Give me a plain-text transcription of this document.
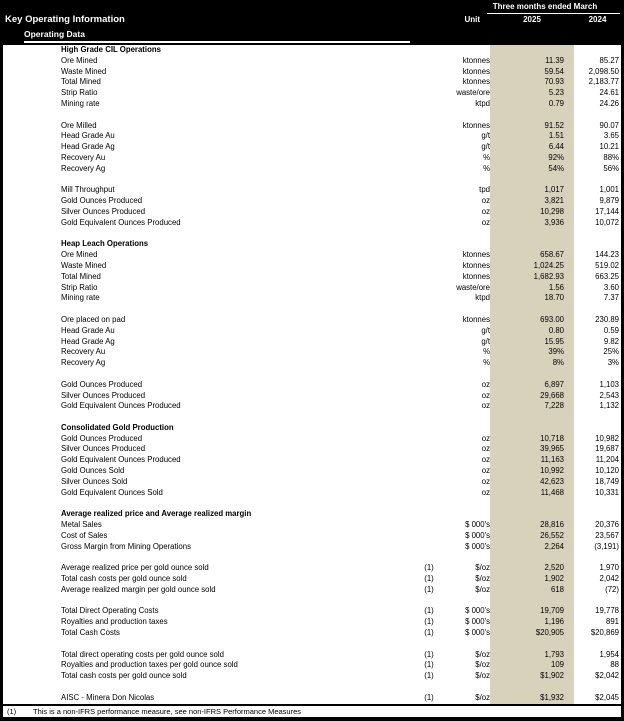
Three months ended March
Key Operating Information	Unit	2025	2024
Operating Data
High Grade CIL Operations
Ore Mined	ktonnes	11.39	85.27
Waste Mined	ktonnes	59.54	2,098.50
Total Mined	ktonnes	70.93	2,183.77
Strip Ratio	waste/ore	5.23	24.61
Mining rate	ktpd	0.79	24.26
Ore Milled	ktonnes	91.52	90.07
Head Grade Au	g/t	1.51	3.65
Head Grade Ag	g/t	6.44	10.21
Recovery Au	%	92%	88%
Recovery Ag	%	54%	56%
Mill Throughput	tpd	1,017	1,001
Gold Ounces Produced	oz	3,821	9,879
Silver Ounces Produced	oz	10,298	17,144
Gold Equivalent Ounces Produced	oz	3,936	10,072
Heap Leach Operations
Ore Mined	ktonnes	658.67	144.23
Waste Mined	ktonnes	1,024.25	519.02
Total Mined	ktonnes	1,682.93	663.25
Strip Ratio	waste/ore	1.56	3.60
Mining rate	ktpd	18.70	7.37
Ore placed on pad	ktonnes	693.00	230.89
Head Grade Au	g/t	0.80	0.59
Head Grade Ag	g/t	15.95	9.82
Recovery Au	%	39%	25%
Recovery Ag	%	8%	3%
Gold Ounces Produced	oz	6,897	1,103
Silver Ounces Produced	oz	29,668	2,543
Gold Equivalent Ounces Produced	oz	7,228	1,132
Consolidated Gold Production
Gold Ounces Produced	oz	10,718	10,982
Silver Ounces Produced	oz	39,965	19,687
Gold Equivalent Ounces Produced	oz	11,163	11,204
Gold Ounces Sold	oz	10,992	10,120
Silver Ounces Sold	oz	42,623	18,749
Gold Equivalent Ounces Sold	oz	11,468	10,331
Average realized price and Average realized margin
Metal Sales	$ 000's	28,816	20,376
Cost of Sales	$ 000's	26,552	23,567
Gross Margin from Mining Operations	$ 000's	2,264	(3,191)
Average realized price per gold ounce sold	(1)	$/oz	2,520	1,970
Total cash costs per gold ounce sold	(1)	$/oz	1,902	2,042
Average realized margin per gold ounce sold	(1)	$/oz	618	(72)
Total Direct Operating Costs	(1)	$ 000's	19,709	19,778
Royalties and production taxes	(1)	$ 000's	1,196	891
Total Cash Costs	(1)	$ 000's	$20,905	$20,869
Total direct operating costs per gold ounce sold	(1)	$/oz	1,793	1,954
Royalties and production taxes per gold ounce sold	(1)	$/oz	109	88
Total cash costs per gold ounce sold	(1)	$/oz	$1,902	$2,042
AISC - Minera Don Nicolas	(1)	$/oz	$1,932	$2,045
(1)	This is a non-IFRS performance measure, see non-IFRS Performance Measures
